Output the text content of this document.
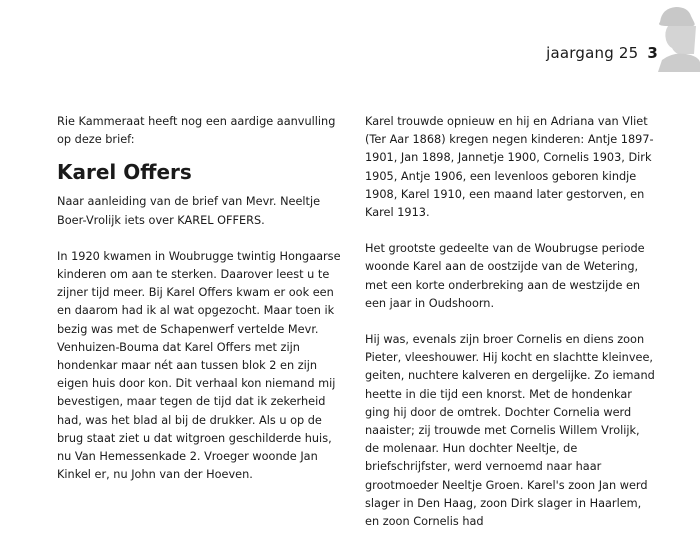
jaargang 25 3

Rie Kammeraat heeft nog een aardige aanvulling op deze brief:

Karel Offers

Naar aanleiding van de brief van Mevr. Neeltje Boer-Vrolijk iets over KAREL OFFERS.

In 1920 kwamen in Woubrugge twintig Hongaarse kinderen om aan te sterken. Daarover leest u te zijner tijd meer. Bij Karel Offers kwam er ook een en daarom had ik al wat opgezocht. Maar toen ik bezig was met de Schapenwerf vertelde Mevr. Venhuizen-Bouma dat Karel Offers met zijn hondenkar maar nét aan tussen blok 2 en zijn eigen huis door kon. Dit verhaal kon niemand mij bevestigen, maar tegen de tijd dat ik zekerheid had, was het blad al bij de drukker. Als u op de brug staat ziet u dat witgroen geschilderde huis, nu Van Hemessenkade 2. Vroeger woonde Jan Kinkel er, nu John van der Hoeven.

Karel trouwde opnieuw en hij en Adriana van Vliet (Ter Aar 1868) kregen negen kinderen: Antje 1897-1901, Jan 1898, Jannetje 1900, Cornelis 1903, Dirk 1905, Antje 1906, een levenloos geboren kindje 1908, Karel 1910, een maand later gestorven, en Karel 1913.

Het grootste gedeelte van de Woubrugse periode woonde Karel aan de oostzijde van de Wetering, met een korte onderbreking aan de westzijde en een jaar in Oudshoorn.

Hij was, evenals zijn broer Cornelis en diens zoon Pieter, vleeshouwer. Hij kocht en slachtte kleinvee, geiten, nuchtere kalveren en dergelijke. Zo iemand heette in die tijd een knorst. Met de hondenkar ging hij door de omtrek. Dochter Cornelia werd naaister; zij trouwde met Cornelis Willem Vrolijk, de molenaar. Hun dochter Neeltje, de briefschrijfster, werd vernoemd naar haar grootmoeder Neeltje Groen. Karel's zoon Jan werd slager in Den Haag, zoon Dirk slager in Haarlem, en zoon Cornelis had
